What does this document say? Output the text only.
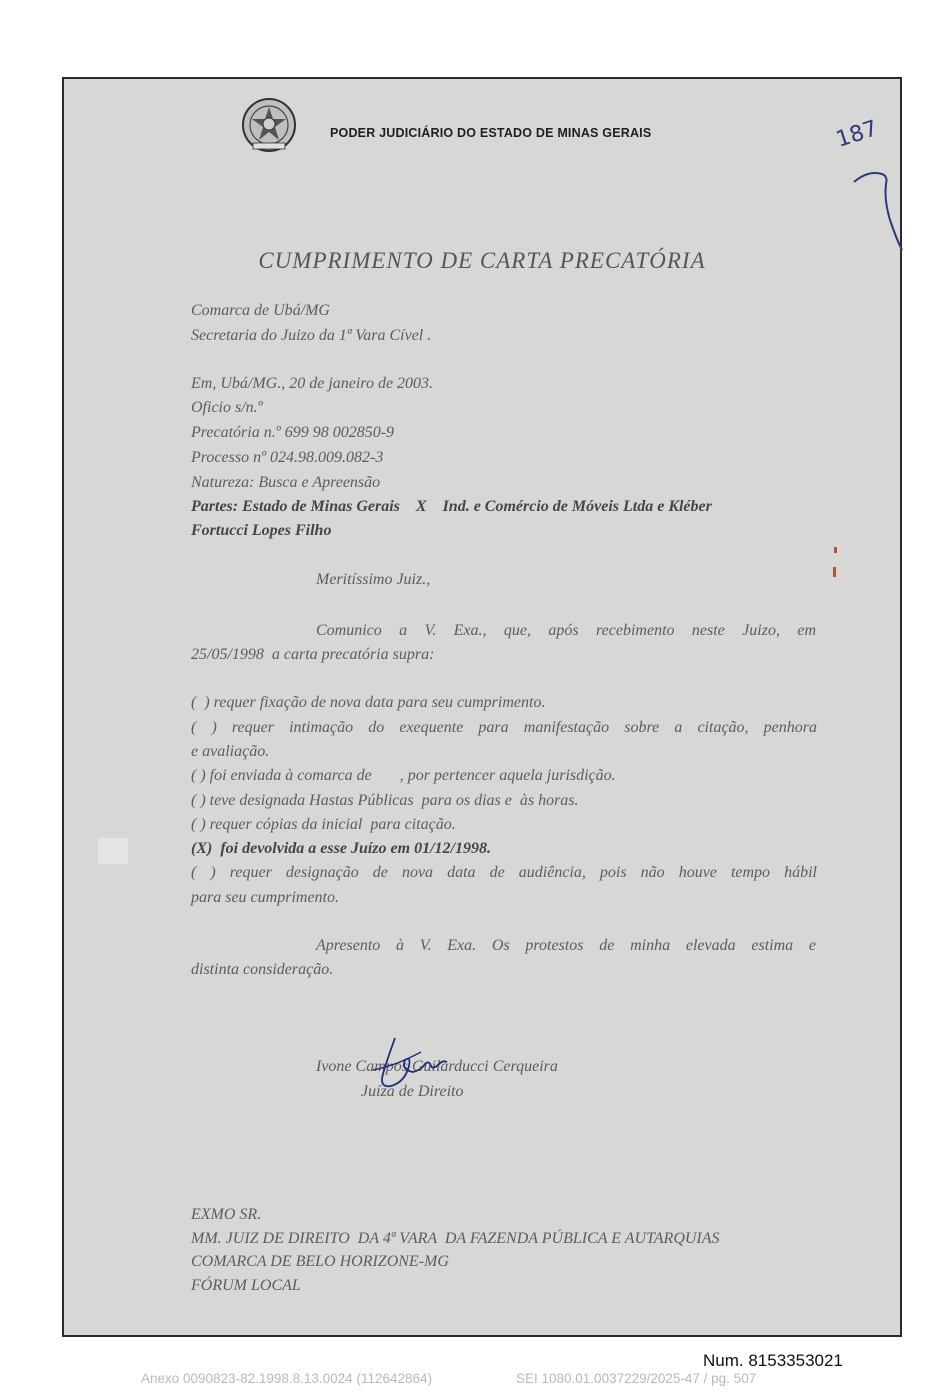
PODER JUDICIÁRIO DO ESTADO DE MINAS GERAIS	187
CUMPRIMENTO DE CARTA PRECATÓRIA
Comarca de Ubá/MG
Secretaria do Juizo da 1ª Vara Cível .
Em, Ubá/MG., 20 de janeiro de 2003.
Oficio s/n.º
Precatória n.º 699 98 002850-9
Processo nº 024.98.009.082-3
Natureza: Busca e Apreensão
Partes: Estado de Minas Gerais    X    Ind. e Comércio de Móveis Ltda e Kléber
Fortucci Lopes Filho
Meritíssimo Juiz.,
Comunico a V. Exa., que, após recebimento neste Juizo, em
25/05/1998  a carta precatória supra:
(  ) requer fixação de nova data para seu cumprimento.
( ) requer intimação do exequente para manifestação sobre a citação, penhora
e avaliação.
( ) foi enviada à comarca de       , por pertencer aquela jurisdição.
( ) teve designada Hastas Públicas  para os dias e  às horas.
( ) requer cópias da inicial  para citação.
(X)  foi devolvida a esse Juízo em 01/12/1998.
( ) requer designação de nova data de audiência, pois não houve tempo hábil
para seu cumprimento.
Apresento à V. Exa. Os protestos de minha elevada estima e
distinta consideração.
Ivone Campos Guilarducci Cerqueira
Juíza de Direito
EXMO SR.
MM. JUIZ DE DIREITO  DA 4ª VARA  DA FAZENDA PÚBLICA E AUTARQUIAS
COMARCA DE BELO HORIZONE-MG
FÓRUM LOCAL
Num. 8153353021
Anexo 0090823-82.1998.8.13.0024 (112642864)	SEI 1080.01.0037229/2025-47 / pg. 507
